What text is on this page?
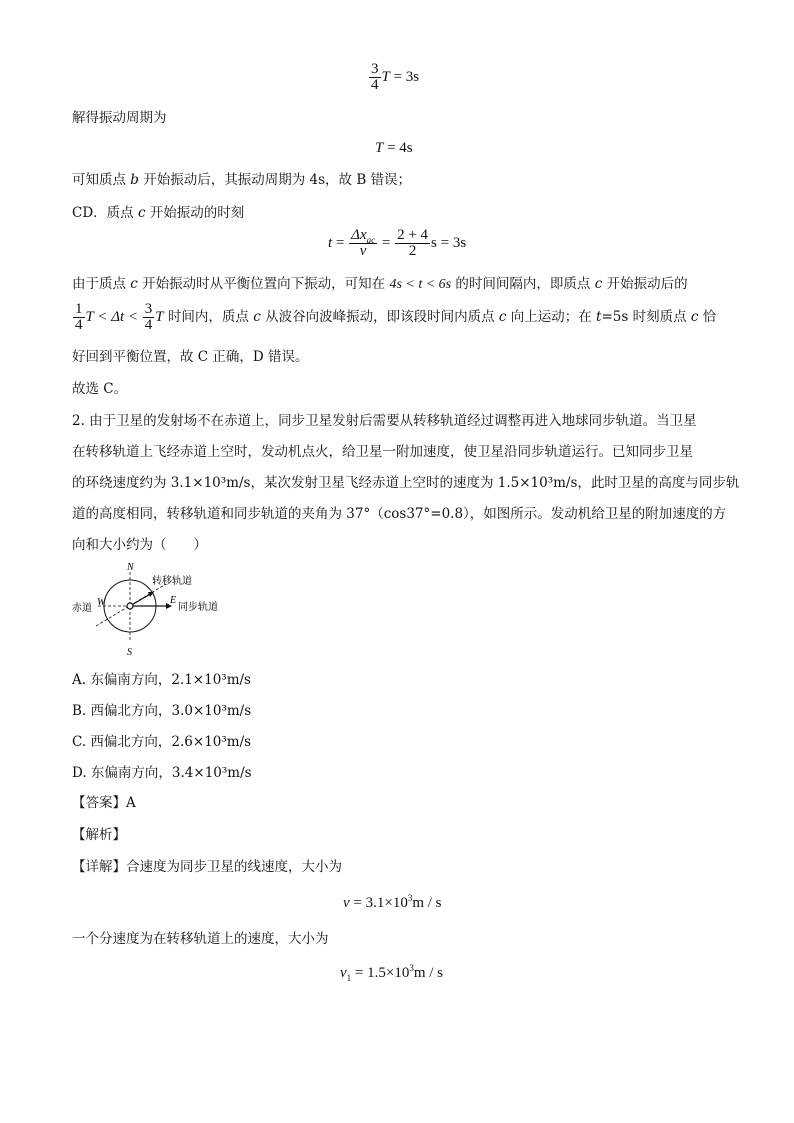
$\frac{3}{4}$ T = 3s
解得振动周期为
T = 4s
可知质点 b 开始振动后，其振动周期为 4s，故 B 错误；
CD．质点 c 开始振动的时刻
$t = \frac{\Delta x_{ac}}{v} = \frac{2 + 4}{2}$ s = 3s
由于质点 c 开始振动时从平衡位置向下振动，可知在 4s < t < 6s 的时间间隔内，即质点 c 开始振动后的
$\frac{1}{4}$ $T < \Delta t < \frac{3}{4}$ T 时间内，质点 c 从波谷向波峰振动，即该段时间内质点 c 向上运动；在 t=5s 时刻质点 c 恰
好回到平衡位置，故 C 正确，D 错误。
故选 C。
2. 由于卫星的发射场不在赤道上，同步卫星发射后需要从转移轨道经过调整再进入地球同步轨道。当卫星
在转移轨道上飞经赤道上空时，发动机点火，给卫星一附加速度，使卫星沿同步轨道运行。已知同步卫星
的环绕速度约为 3.1×10³m/s，某次发射卫星飞经赤道上空时的速度为 1.5×10³m/s，此时卫星的高度与同步轨
道的高度相同，转移轨道和同步轨道的夹角为 37°（cos37°=0.8），如图所示。发动机给卫星的附加速度的方
向和大小约为（　　）
N
S
W	E
赤道
转移轨道
同步轨道
A. 东偏南方向，2.1×10³m/s
B. 西偏北方向，3.0×10³m/s
C. 西偏北方向，2.6×10³m/s
D. 东偏南方向，3.4×10³m/s
【答案】A
【解析】
【详解】合速度为同步卫星的线速度，大小为
$v = 3.1\times 10^3m / s$
一个分速度为在转移轨道上的速度，大小为
$v_1 = 1.5\times 10^3m / s$
